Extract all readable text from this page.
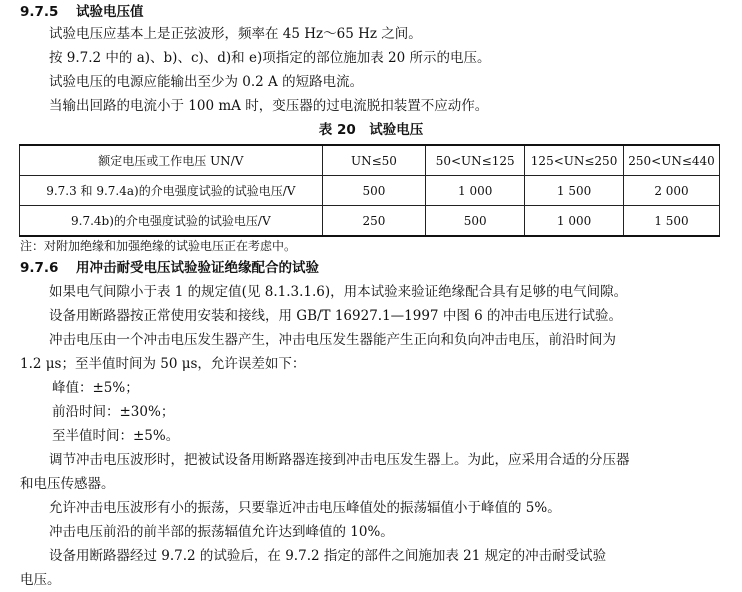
9.7.5 试验电压值
试验电压应基本上是正弦波形，频率在 45 Hz～65 Hz 之间。
按 9.7.2 中的 a)、b)、c)、d)和 e)项指定的部位施加表 20 所示的电压。
试验电压的电源应能输出至少为 0.2 A 的短路电流。
当输出回路的电流小于 100 mA 时，变压器的过电流脱扣装置不应动作。
表 20　试验电压
额定电压或工作电压 UN/V	UN≤50	50<UN≤125	125<UN≤250	250<UN≤440
9.7.3 和 9.7.4a)的介电强度试验的试验电压/V	500	1 000	1 500	2 000
9.7.4b)的介电强度试验的试验电压/V	250	500	1 000	1 500
注：对附加绝缘和加强绝缘的试验电压正在考虑中。
9.7.6 用冲击耐受电压试验验证绝缘配合的试验
如果电气间隙小于表 1 的规定值(见 8.1.3.1.6)，用本试验来验证绝缘配合具有足够的电气间隙。
设备用断路器按正常使用安装和接线，用 GB/T 16927.1—1997 中图 6 的冲击电压进行试验。
冲击电压由一个冲击电压发生器产生，冲击电压发生器能产生正向和负向冲击电压，前沿时间为
1.2 μs；至半值时间为 50 μs，允许误差如下：
峰值：±5%；
前沿时间：±30%；
至半值时间：±5%。
调节冲击电压波形时，把被试设备用断路器连接到冲击电压发生器上。为此，应采用合适的分压器
和电压传感器。
允许冲击电压波形有小的振荡，只要靠近冲击电压峰值处的振荡辐值小于峰值的 5%。
冲击电压前沿的前半部的振荡辐值允许达到峰值的 10%。
设备用断路器经过 9.7.2 的试验后，在 9.7.2 指定的部件之间施加表 21 规定的冲击耐受试验
电压。
